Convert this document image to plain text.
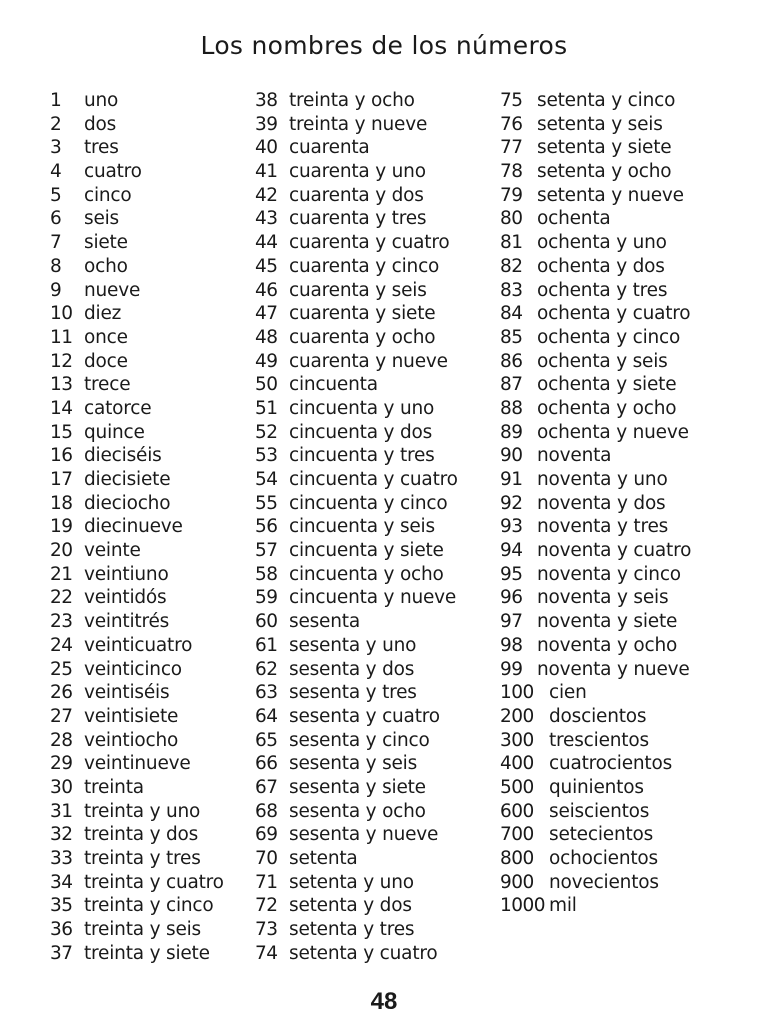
Los nombres de los números
1	uno
2	dos
3	tres
4	cuatro
5	cinco
6	seis
7	siete
8	ocho
9	nueve
10 diez
11 once
12 doce
13 trece
14 catorce
15 quince
16 dieciséis
17 diecisiete
18 dieciocho
19 diecinueve
20 veinte
21 veintiuno
22 veintidós
23 veintitrés
24 veinticuatro
25 veinticinco
26 veintiséis
27 veintisiete
28 veintiocho
29 veintinueve
30 treinta
31 treinta y uno
32 treinta y dos
33 treinta y tres
34 treinta y cuatro
35 treinta y cinco
36 treinta y seis
37 treinta y siete
38 treinta y ocho
39 treinta y nueve
40 cuarenta
41 cuarenta y uno
42 cuarenta y dos
43 cuarenta y tres
44 cuarenta y cuatro
45 cuarenta y cinco
46 cuarenta y seis
47 cuarenta y siete
48 cuarenta y ocho
49 cuarenta y nueve
50 cincuenta
51 cincuenta y uno
52 cincuenta y dos
53 cincuenta y tres
54 cincuenta y cuatro
55 cincuenta y cinco
56 cincuenta y seis
57 cincuenta y siete
58 cincuenta y ocho
59 cincuenta y nueve
60 sesenta
61 sesenta y uno
62 sesenta y dos
63 sesenta y tres
64 sesenta y cuatro
65 sesenta y cinco
66 sesenta y seis
67 sesenta y siete
68 sesenta y ocho
69 sesenta y nueve
70 setenta
71 setenta y uno
72 setenta y dos
73 setenta y tres
74 setenta y cuatro
75 setenta y cinco
76 setenta y seis
77 setenta y siete
78 setenta y ocho
79 setenta y nueve
80 ochenta
81 ochenta y uno
82 ochenta y dos
83 ochenta y tres
84 ochenta y cuatro
85 ochenta y cinco
86 ochenta y seis
87 ochenta y siete
88 ochenta y ocho
89 ochenta y nueve
90 noventa
91 noventa y uno
92 noventa y dos
93 noventa y tres
94 noventa y cuatro
95 noventa y cinco
96 noventa y seis
97 noventa y siete
98 noventa y ocho
99 noventa y nueve
100 cien
200 doscientos
300 trescientos
400 cuatrocientos
500 quinientos
600 seiscientos
700 setecientos
800 ochocientos
900 novecientos
1000 mil
48
